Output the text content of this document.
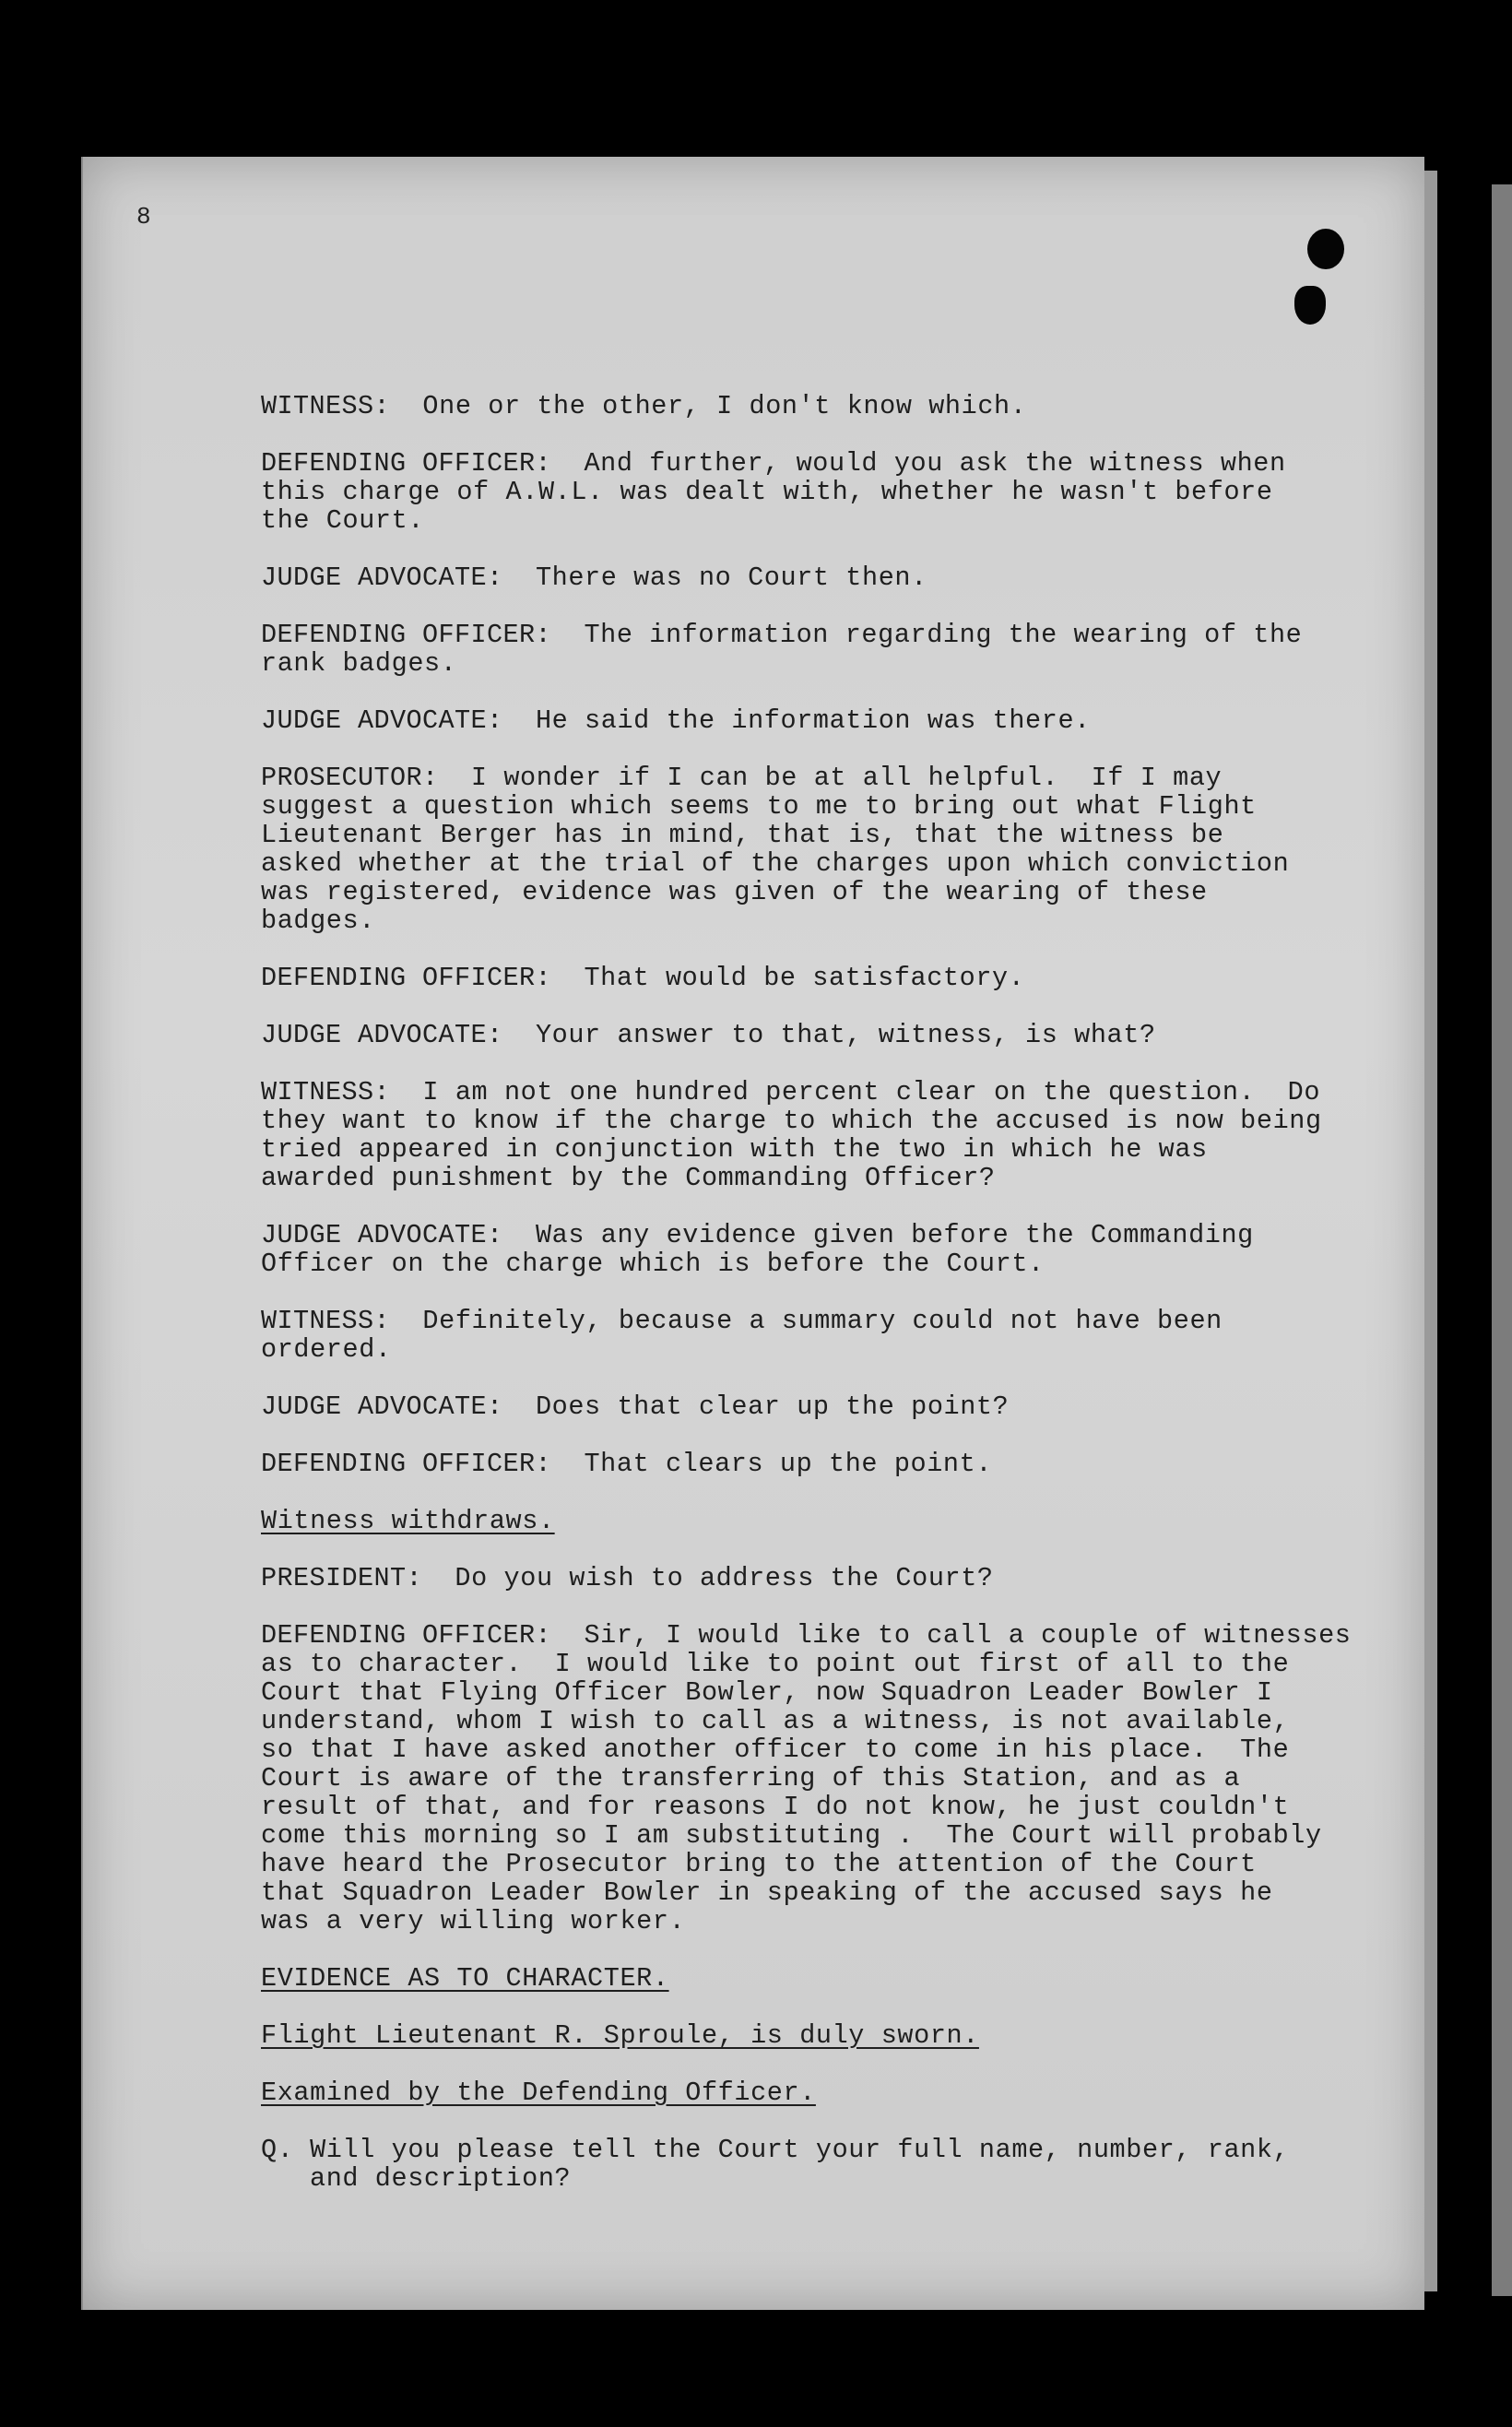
8
WITNESS:  One or the other, I don't know which.
DEFENDING OFFICER:  And further, would you ask the witness when
this charge of A.W.L. was dealt with, whether he wasn't before
the Court.
JUDGE ADVOCATE:  There was no Court then.
DEFENDING OFFICER:  The information regarding the wearing of the
rank badges.
JUDGE ADVOCATE:  He said the information was there.
PROSECUTOR:  I wonder if I can be at all helpful.  If I may
suggest a question which seems to me to bring out what Flight
Lieutenant Berger has in mind, that is, that the witness be
asked whether at the trial of the charges upon which conviction
was registered, evidence was given of the wearing of these
badges.
DEFENDING OFFICER:  That would be satisfactory.
JUDGE ADVOCATE:  Your answer to that, witness, is what?
WITNESS:  I am not one hundred percent clear on the question.  Do
they want to know if the charge to which the accused is now being
tried appeared in conjunction with the two in which he was
awarded punishment by the Commanding Officer?
JUDGE ADVOCATE:  Was any evidence given before the Commanding
Officer on the charge which is before the Court.
WITNESS:  Definitely, because a summary could not have been
ordered.
JUDGE ADVOCATE:  Does that clear up the point?
DEFENDING OFFICER:  That clears up the point.
Witness withdraws.
PRESIDENT:  Do you wish to address the Court?
DEFENDING OFFICER:  Sir, I would like to call a couple of witnesses
as to character.  I would like to point out first of all to the
Court that Flying Officer Bowler, now Squadron Leader Bowler I
understand, whom I wish to call as a witness, is not available,
so that I have asked another officer to come in his place.  The
Court is aware of the transferring of this Station, and as a
result of that, and for reasons I do not know, he just couldn't
come this morning so I am substituting .  The Court will probably
have heard the Prosecutor bring to the attention of the Court
that Squadron Leader Bowler in speaking of the accused says he
was a very willing worker.
EVIDENCE AS TO CHARACTER.
Flight Lieutenant R. Sproule, is duly sworn.
Examined by the Defending Officer.
Q. Will you please tell the Court your full name, number, rank,
and description?
